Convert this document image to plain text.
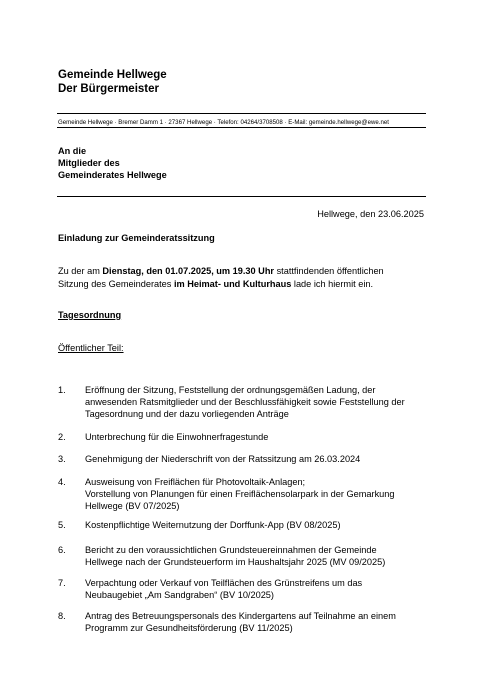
Gemeinde Hellwege
Der Bürgermeister
Gemeinde Hellwege · Bremer Damm 1 · 27367 Hellwege · Telefon: 04264/3708508 · E-Mail: gemeinde.hellwege@ewe.net
An die
Mitglieder des
Gemeinderates Hellwege
Hellwege, den 23.06.2025
Einladung zur Gemeinderatssitzung
Zu der am Dienstag, den 01.07.2025, um 19.30 Uhr stattfindenden öffentlichen
Sitzung des Gemeinderates im Heimat- und Kulturhaus lade ich hiermit ein.
Tagesordnung
Öffentlicher Teil:
1. Eröffnung der Sitzung, Feststellung der ordnungsgemäßen Ladung, der
anwesenden Ratsmitglieder und der Beschlussfähigkeit sowie Feststellung der
Tagesordnung und der dazu vorliegenden Anträge
2. Unterbrechung für die Einwohnerfragestunde
3. Genehmigung der Niederschrift von der Ratssitzung am 26.03.2024
4. Ausweisung von Freiflächen für Photovoltaik-Anlagen;
Vorstellung von Planungen für einen Freiflächensolarpark in der Gemarkung
Hellwege (BV 07/2025)
5. Kostenpflichtige Weiternutzung der Dorffunk-App (BV 08/2025)
6. Bericht zu den voraussichtlichen Grundsteuereinnahmen der Gemeinde
Hellwege nach der Grundsteuerform im Haushaltsjahr 2025 (MV 09/2025)
7. Verpachtung oder Verkauf von Teilflächen des Grünstreifens um das
Neubaugebiet „Am Sandgraben“ (BV 10/2025)
8. Antrag des Betreuungspersonals des Kindergartens auf Teilnahme an einem
Programm zur Gesundheitsförderung (BV 11/2025)
